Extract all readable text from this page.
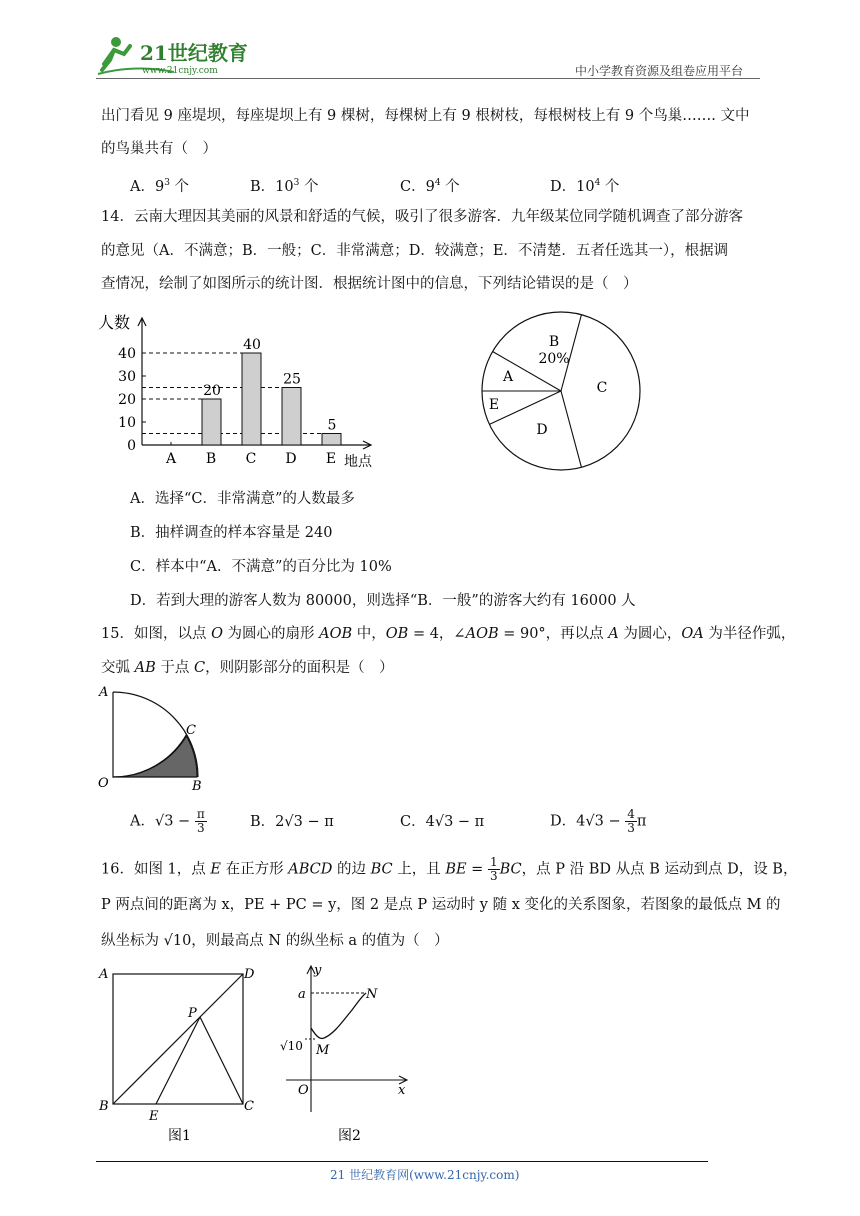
21世纪教育
www.21cnjy.com	中小学教育资源及组卷应用平台
出门看见 9 座堤坝，每座堤坝上有 9 棵树，每棵树上有 9 根树枝，每根树枝上有 9 个鸟巢……. 文中
的鸟巢共有（　）
A．$9^3$ 个	B．$10^3$ 个	C．$9^4$ 个	D．$10^4$ 个
14．云南大理因其美丽的风景和舒适的气候，吸引了很多游客．九年级某位同学随机调查了部分游客
的意见（A．不满意；B．一般；C．非常满意；D．较满意；E．不清楚．五者任选其一），根据调
查情况，绘制了如图所示的统计图．根据统计图中的信息，下列结论错误的是（　）
人数
地点
0
10
20
30
40
A B
20
C
40
D
25
E
5
B
20%
C
D
E
A
A．选择“C．非常满意”的人数最多
B．抽样调查的样本容量是 240
C．样本中“A．不满意”的百分比为 10%
D．若到大理的游客人数为 80000，则选择“B．一般”的游客大约有 16000 人
15．如图，以点 O 为圆心的扇形 AOB 中，OB = 4，∠AOB = 90°，再以点 A 为圆心，OA 为半径作弧，
交弧 AB 于点 C，则阴影部分的面积是（　）
A
C
O	B
A．$√3 - \frac{\pi}{3}$	B．2√3 − π	C．4√3 − π	D．$4√3 - \frac{4}{3}$ π
16．如图 1，点 E 在正方形 ABCD 的边 BC 上，且 BE = $\frac{1}{3}$ BC，点 P 沿 BD 从点 B 运动到点 D，设 B，
P 两点间的距离为 x，PE + PC = y，图 2 是点 P 运动时 y 随 x 变化的关系图象，若图象的最低点 M 的
纵坐标为 √10，则最高点 N 的纵坐标 a 的值为（　）
A	D
P
B
E
C
图1
y
a	N
√10 M
O	x
图2
21 世纪教育网(www.21cnjy.com)
